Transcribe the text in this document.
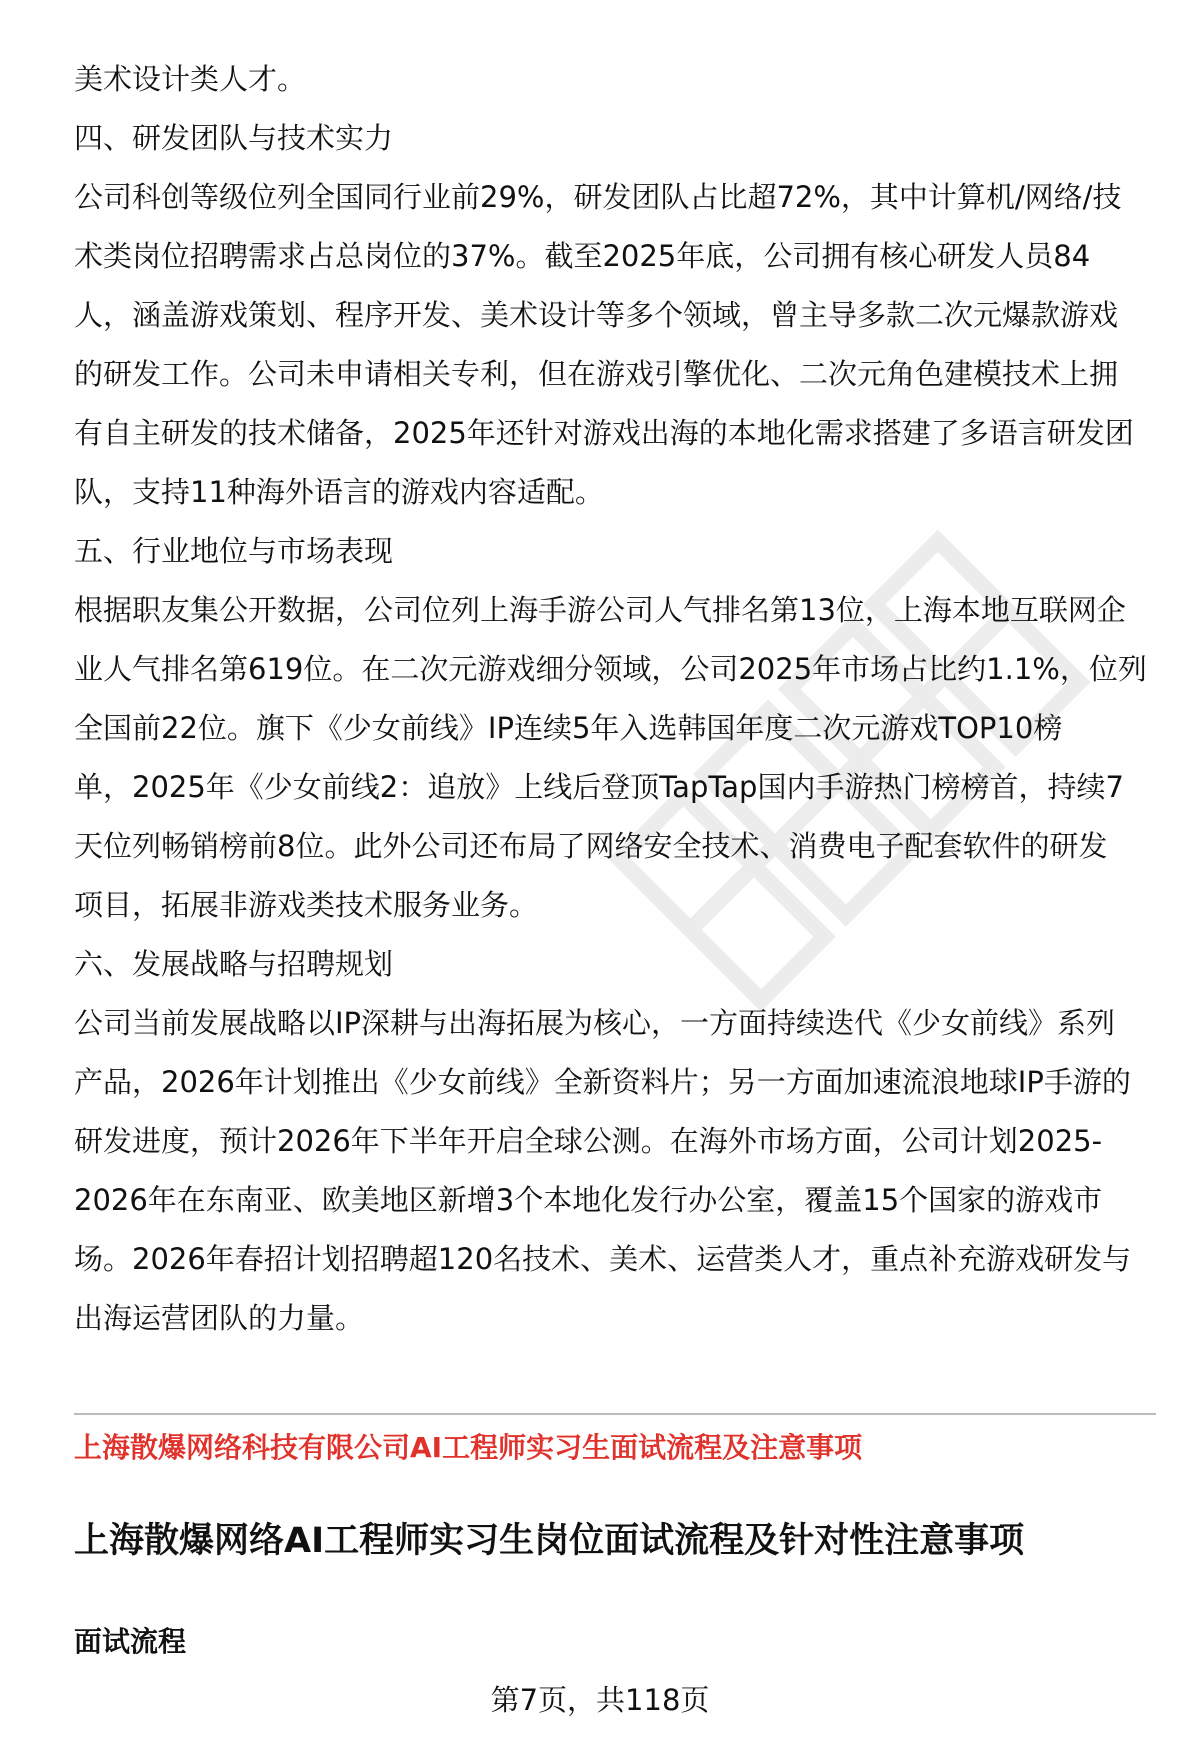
美术设计类人才。

四、研发团队与技术实力

公司科创等级位列全国同行业前29%，研发团队占比超72%，其中计算机/网络/技

术类岗位招聘需求占总岗位的37%。截至2025年底，公司拥有核心研发人员84

人，涵盖游戏策划、程序开发、美术设计等多个领域，曾主导多款二次元爆款游戏

的研发工作。公司未申请相关专利，但在游戏引擎优化、二次元角色建模技术上拥

有自主研发的技术储备，2025年还针对游戏出海的本地化需求搭建了多语言研发团

队，支持11种海外语言的游戏内容适配。

五、行业地位与市场表现

根据职友集公开数据，公司位列上海手游公司人气排名第13位，上海本地互联网企

业人气排名第619位。在二次元游戏细分领域，公司2025年市场占比约1.1%，位列

全国前22位。旗下《少女前线》IP连续5年入选韩国年度二次元游戏TOP10榜

单，2025年《少女前线2：追放》上线后登顶TapTap国内手游热门榜榜首，持续7

天位列畅销榜前8位。此外公司还布局了网络安全技术、消费电子配套软件的研发

项目，拓展非游戏类技术服务业务。

六、发展战略与招聘规划

公司当前发展战略以IP深耕与出海拓展为核心，一方面持续迭代《少女前线》系列

产品，2026年计划推出《少女前线》全新资料片；另一方面加速流浪地球IP手游的

研发进度，预计2026年下半年开启全球公测。在海外市场方面，公司计划2025-

2026年在东南亚、欧美地区新增3个本地化发行办公室，覆盖15个国家的游戏市

场。2026年春招计划招聘超120名技术、美术、运营类人才，重点补充游戏研发与

出海运营团队的力量。

上海散爆网络科技有限公司AI工程师实习生面试流程及注意事项
上海散爆网络AI工程师实习生岗位面试流程及针对性注意事项
面试流程
第7页，共118页
